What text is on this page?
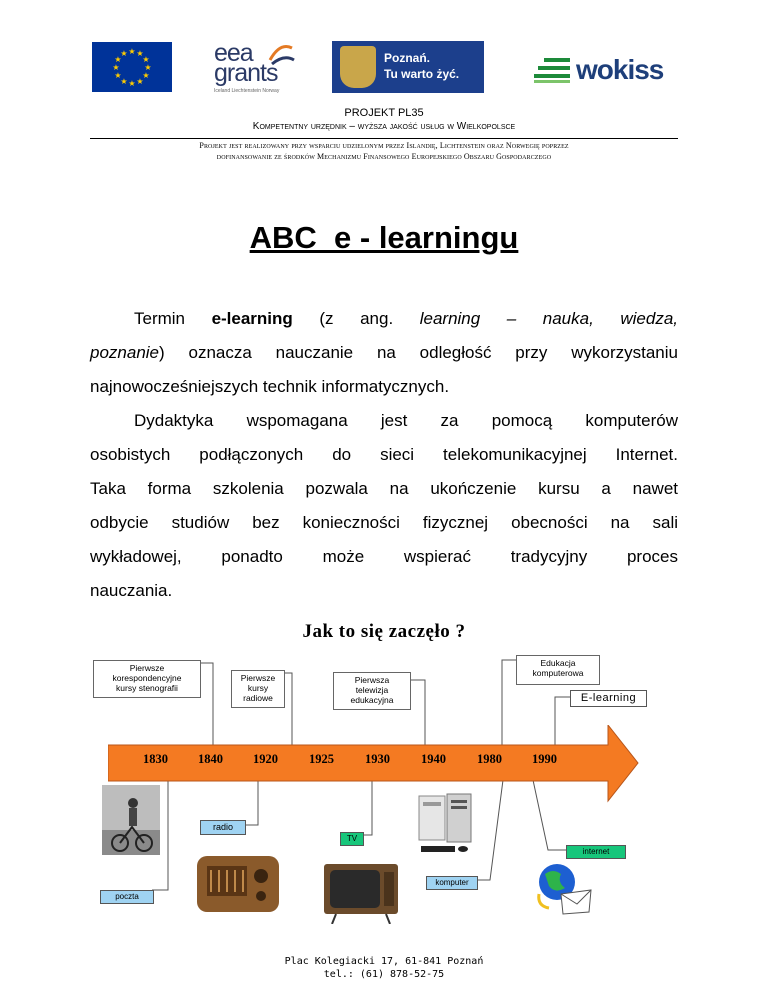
★ ★
★
★
★
★
★
★
★
★
★
★	eea
grants
Iceland Liechtenstein Norway
Poznań.
Tu warto żyć.	wokiss
PROJEKT PL35
Kompetentny urzędnik – wyższa jakość usług w Wielkopolsce
Projekt jest realizowany przy wsparciu udzielonym przez Islandię, Lichtenstein oraz Norwegię poprzez
dofinansowanie ze środków Mechanizmu Finansowego Europejskiego Obszaru Gospodarczego
ABC  e - learningu
Termin e-learning (z ang. learning – nauka, wiedza,
poznanie) oznacza nauczanie na odległość przy wykorzystaniu
najnowocześniejszych technik informatycznych.
Dydaktyka wspomagana jest za pomocą komputerów
osobistych podłączonych do sieci telekomunikacyjnej Internet.
Taka forma szkolenia pozwala na ukończenie kursu a nawet
odbycie studiów bez konieczności fizycznej obecności na sali
wykładowej, ponadto może wspierać tradycyjny proces
nauczania.
Jak to się zaczęło ?
Pierwsze
korespondencyjne
kursy stenografii
Pierwsze
kursy
radiowe
Pierwsza
telewizja
edukacyjna
Edukacja
komputerowa
E-learning
1830 1840 1920 1925 1930 1940 1980 1990
radio
TV
komputer
internet
poczta
Plac Kolegiacki 17, 61-841 Poznań
tel.: (61) 878-52-75
